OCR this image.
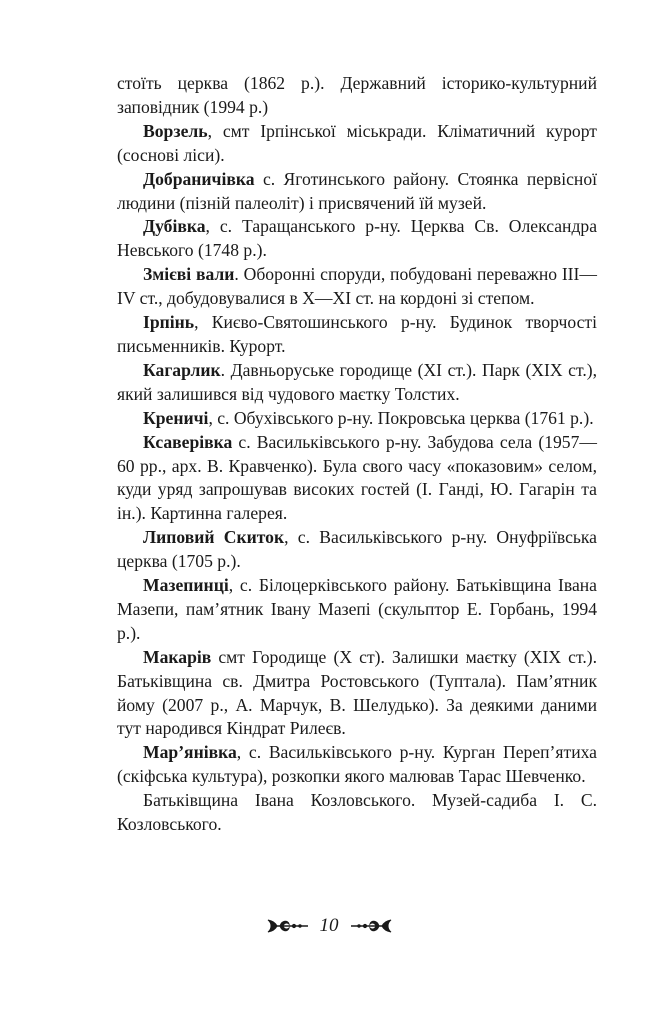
стоїть церква (1862 р.). Державний історико-культурний заповідник (1994 р.)

Ворзель, смт Ірпінської міськради. Кліматичний курорт (соснові ліси).

Добраничівка с. Яготинського району. Стоянка первісної людини (пізній палеоліт) і присвячений їй музей.

Дубівка, с. Таращанського р-ну. Церква Св. Олександра Невського (1748 р.).

Змієві вали. Оборонні споруди, побудовані переважно III—IV ст., добудовувалися в X—XI ст. на кордоні зі степом.

Ірпінь, Києво-Святошинського р-ну. Будинок творчості письменників. Курорт.

Кагарлик. Давньоруське городище (XI ст.). Парк (XIX ст.), який залишився від чудового маєтку Толстих.

Креничі, с. Обухівського р-ну. Покровська церква (1761 р.).

Ксаверівка с. Васильківського р-ну. Забудова села (1957—60 рр., арх. В. Кравченко). Була свого часу «показовим» селом, куди уряд запрошував високих гостей (І. Ганді, Ю. Гагарін та ін.). Картинна галерея.

Липовий Скиток, с. Васильківського р-ну. Онуфріївська церква (1705 р.).

Мазепинці, с. Білоцерківського району. Батьківщина Івана Мазепи, пам’ятник Івану Мазепі (скульптор Е. Горбань, 1994 р.).

Макарів смт Городище (X ст). Залишки маєтку (XIX ст.). Батьківщина св. Дмитра Ростовського (Туптала). Пам’ятник йому (2007 р., А. Марчук, В. Шелудько). За деякими даними тут народився Кіндрат Рилеєв.

Мар’янівка, с. Васильківського р-ну. Курган Переп’ятиха (скіфська культура), розкопки якого малював Тарас Шевченко.

Батьківщина Івана Козловського. Музей-садиба І. С. Козловського.

10
